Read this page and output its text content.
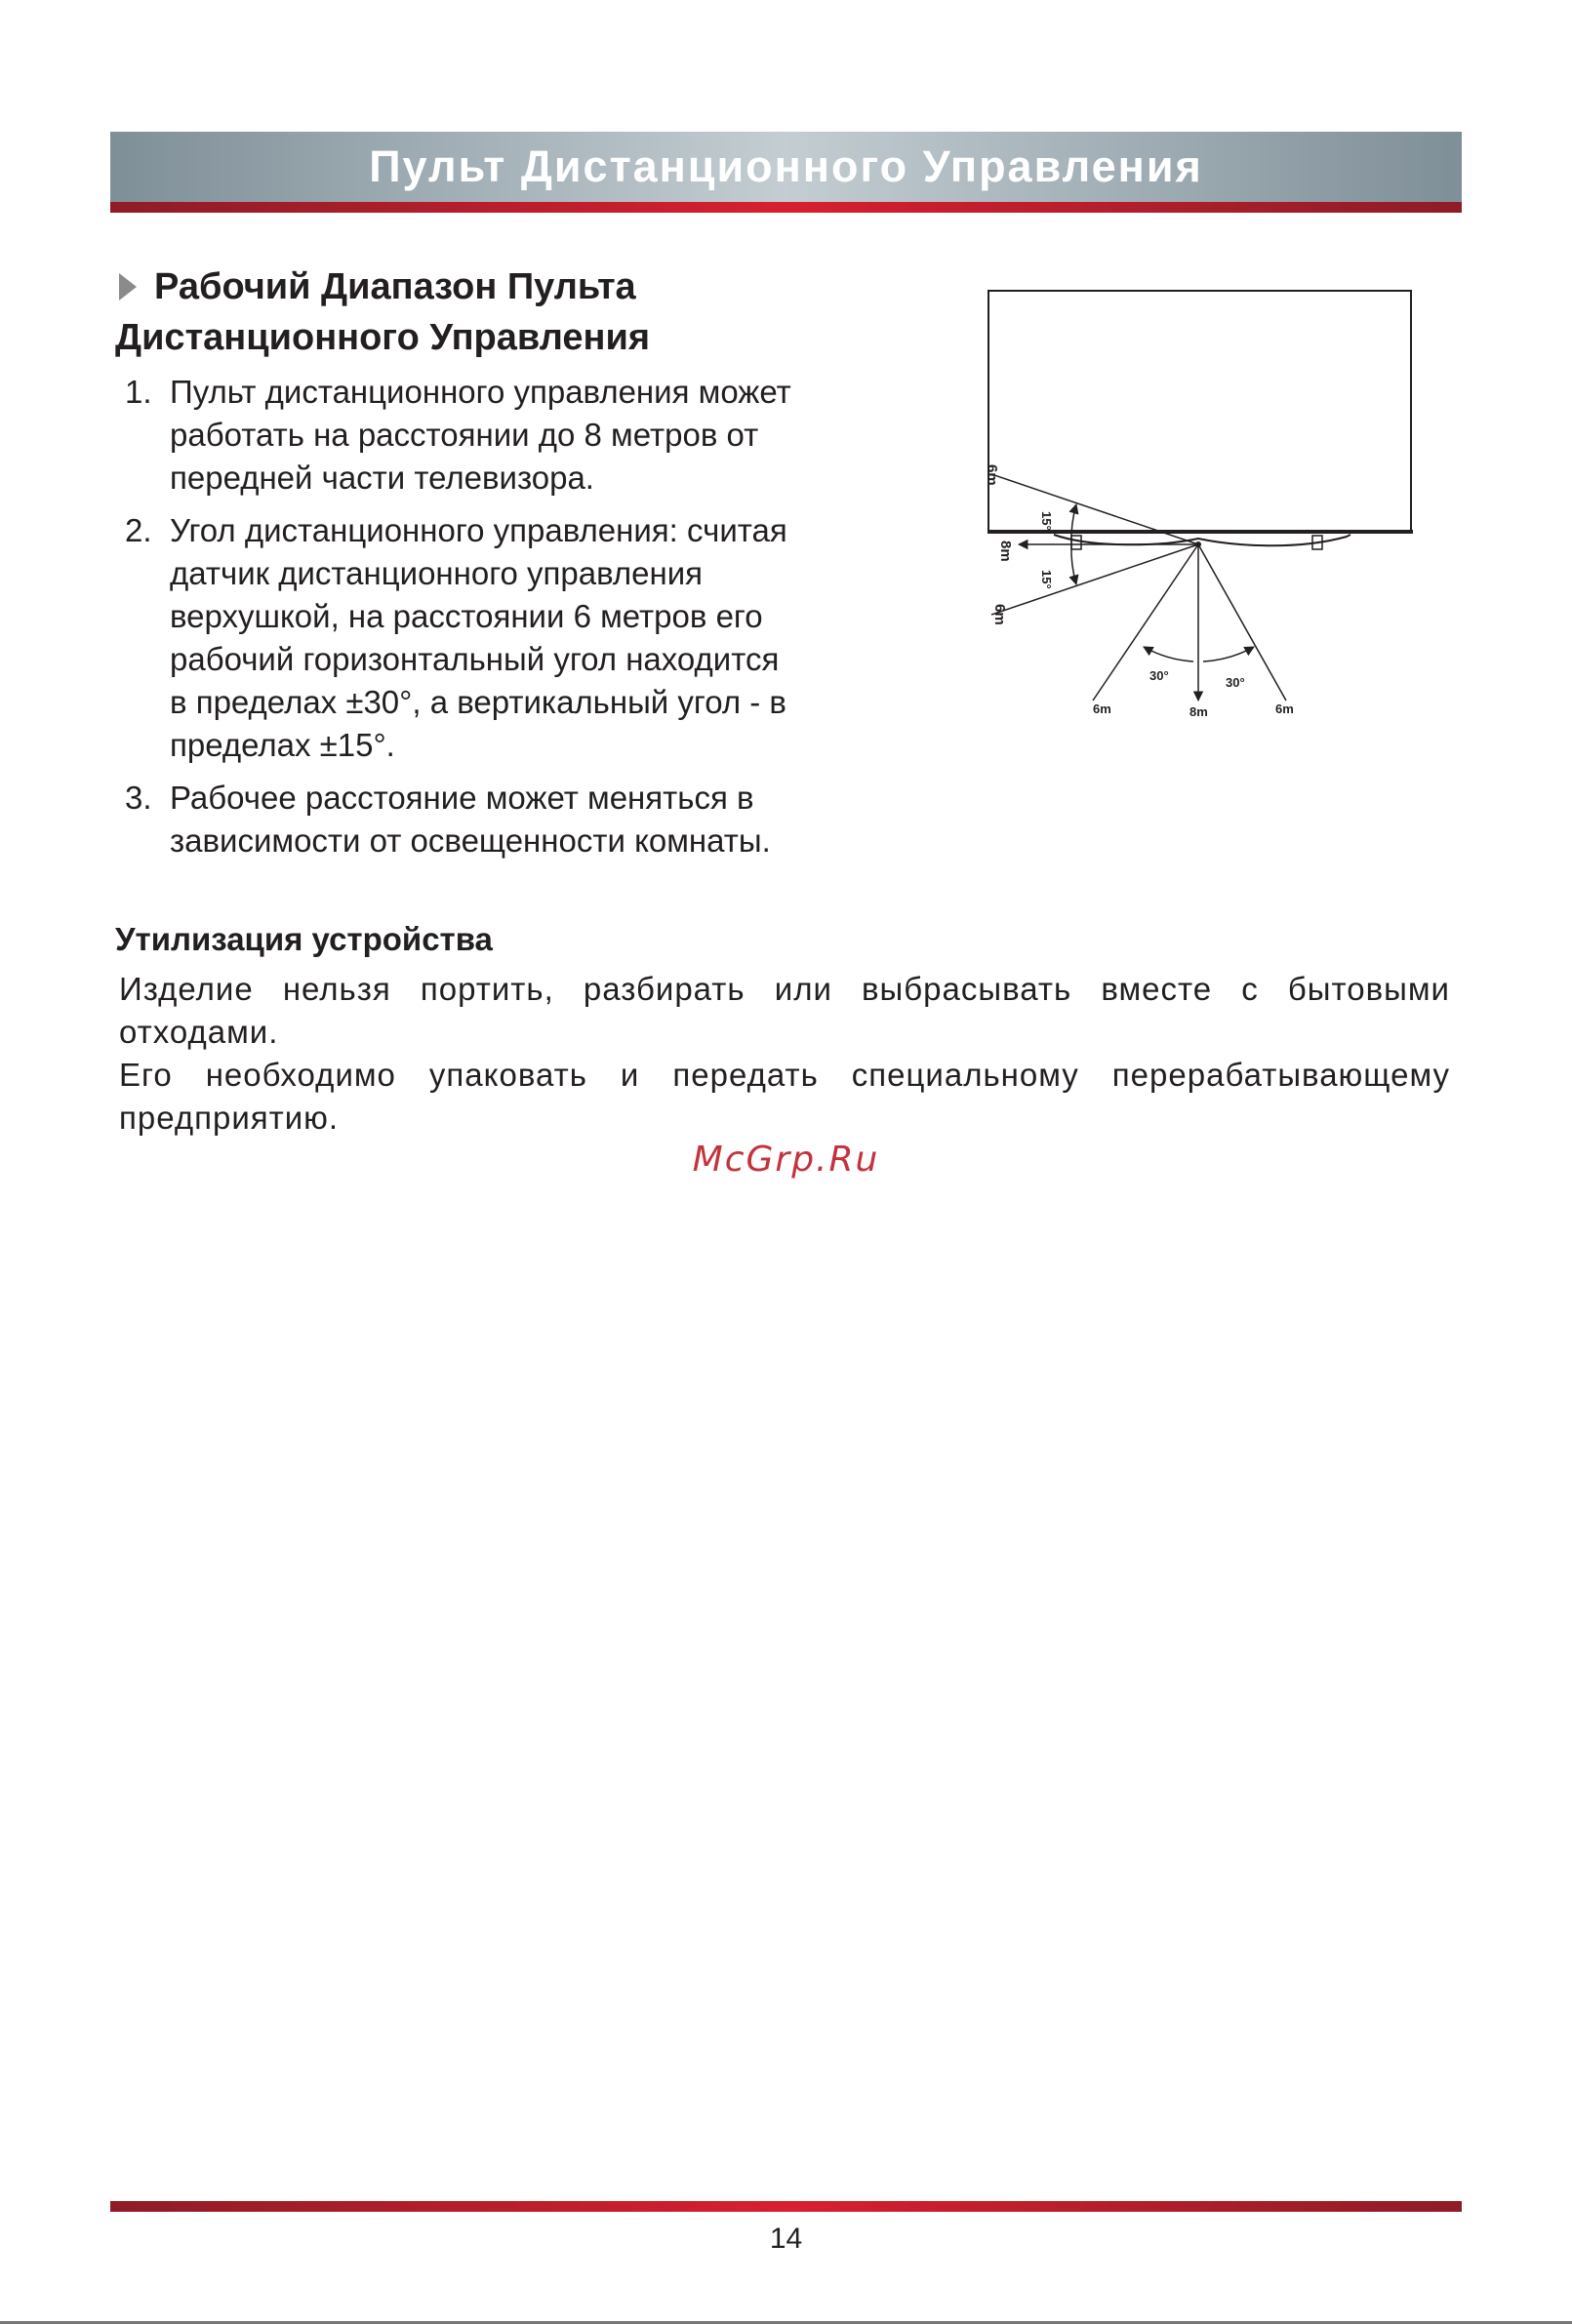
Пульт Дистанционного Управления

Рабочий Диапазон Пульта
Дистанционного Управления

1. Пульт дистанционного управления может
работать на расстоянии до 8 метров от
передней части телевизора.
2. Угол дистанционного управления: считая
датчик дистанционного управления
верхушкой, на расстоянии 6 метров его
рабочий горизонтальный угол находится
в пределах ±30°, а вертикальный угол - в
пределах ±15°.
3. Рабочее расстояние может меняться в
зависимости от освещенности комнаты.
6m
8m
6m
15°
15°
30°	30°
6m	8m	6m

Утилизация устройства

Изделие нельзя портить, разбирать или выбрасывать вместе с бытовыми отходами.
Его необходимо упаковать и передать специальному перерабатывающему предприятию.

McGrp.Ru
14
